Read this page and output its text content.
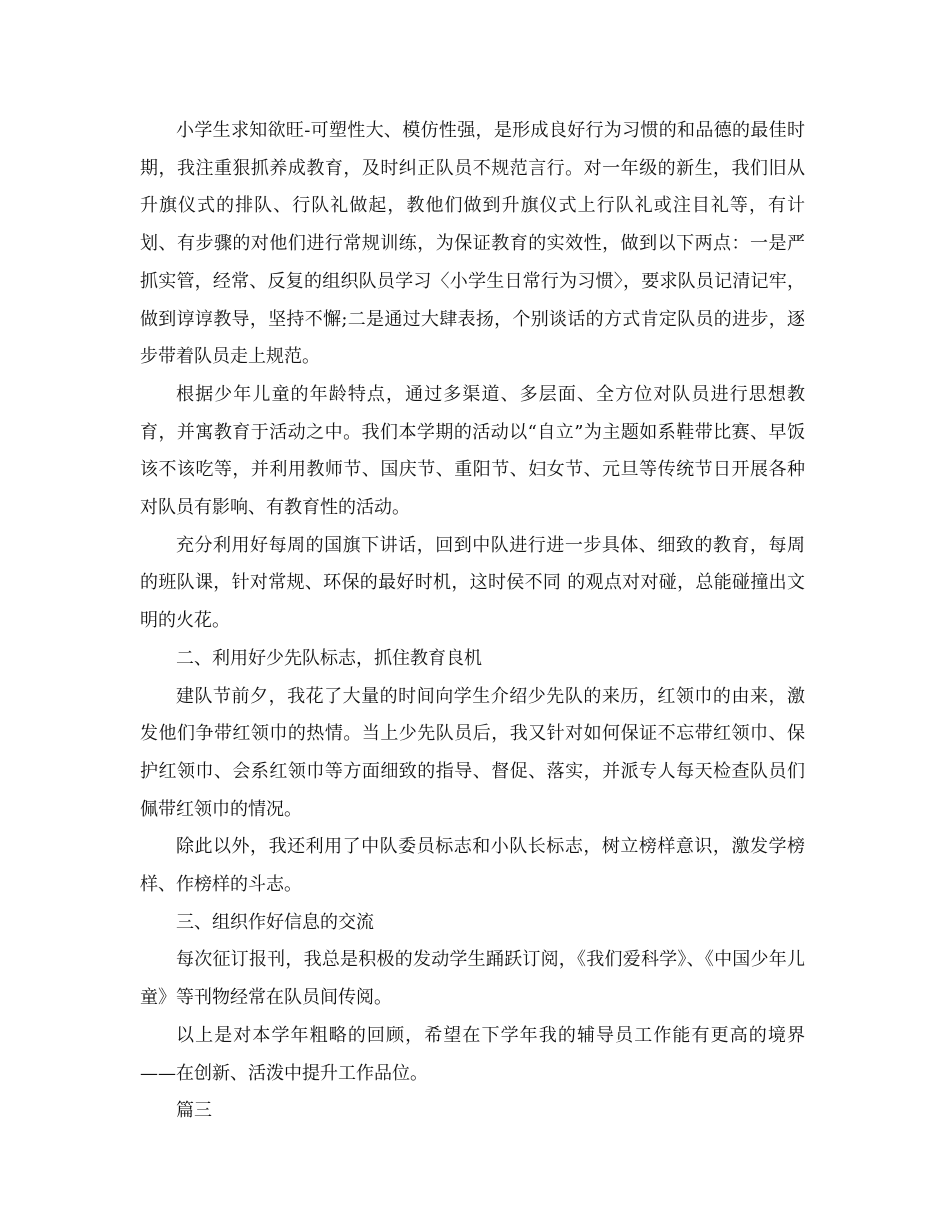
小学生求知欲旺-可塑性大、模仿性强，是形成良好行为习惯的和品德的最佳时期，我注重狠抓养成教育，及时纠正队员不规范言行。对一年级的新生，我们旧从升旗仪式的排队、行队礼做起，教他们做到升旗仪式上行队礼或注目礼等，有计划、有步骤的对他们进行常规训练，为保证教育的实效性，做到以下两点：一是严抓实管，经常、反复的组织队员学习〈小学生日常行为习惯〉，要求队员记清记牢，做到谆谆教导，坚持不懈;二是通过大肆表扬，个别谈话的方式肯定队员的进步，逐步带着队员走上规范。

根据少年儿童的年龄特点，通过多渠道、多层面、全方位对队员进行思想教育，并寓教育于活动之中。我们本学期的活动以“自立”为主题如系鞋带比赛、早饭该不该吃等，并利用教师节、国庆节、重阳节、妇女节、元旦等传统节日开展各种对队员有影响、有教育性的活动。

充分利用好每周的国旗下讲话，回到中队进行进一步具体、细致的教育，每周的班队课，针对常规、环保的最好时机，这时侯不同 的观点对对碰，总能碰撞出文明的火花。

二、利用好少先队标志，抓住教育良机

建队节前夕，我花了大量的时间向学生介绍少先队的来历，红领巾的由来，激发他们争带红领巾的热情。当上少先队员后，我又针对如何保证不忘带红领巾、保护红领巾、会系红领巾等方面细致的指导、督促、落实，并派专人每天检查队员们佩带红领巾的情况。

除此以外，我还利用了中队委员标志和小队长标志，树立榜样意识，激发学榜样、作榜样的斗志。

三、组织作好信息的交流

每次征订报刊，我总是积极的发动学生踊跃订阅，《我们爱科学》、《中国少年儿童》等刊物经常在队员间传阅。

以上是对本学年粗略的回顾，希望在下学年我的辅导员工作能有更高的境界——在创新、活泼中提升工作品位。

篇三
